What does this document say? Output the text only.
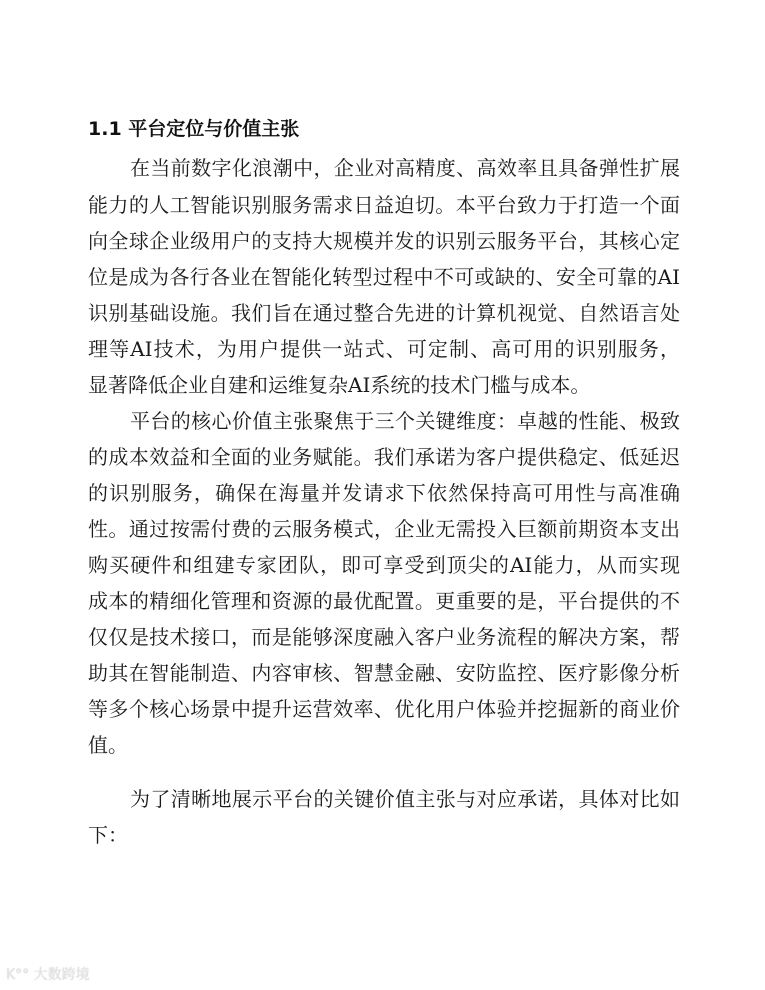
1.1 平台定位与价值主张
在当前数字化浪潮中，企业对高精度、高效率且具备弹性扩展
能力的人工智能识别服务需求日益迫切。本平台致力于打造一个面
向全球企业级用户的支持大规模并发的识别云服务平台，其核心定
位是成为各行各业在智能化转型过程中不可或缺的、安全可靠的AI
识别基础设施。我们旨在通过整合先进的计算机视觉、自然语言处
理等AI技术，为用户提供一站式、可定制、高可用的识别服务，
显著降低企业自建和运维复杂AI系统的技术门槛与成本。
平台的核心价值主张聚焦于三个关键维度：卓越的性能、极致
的成本效益和全面的业务赋能。我们承诺为客户提供稳定、低延迟
的识别服务，确保在海量并发请求下依然保持高可用性与高准确
性。通过按需付费的云服务模式，企业无需投入巨额前期资本支出
购买硬件和组建专家团队，即可享受到顶尖的AI能力，从而实现
成本的精细化管理和资源的最优配置。更重要的是，平台提供的不
仅仅是技术接口，而是能够深度融入客户业务流程的解决方案，帮
助其在智能制造、内容审核、智慧金融、安防监控、医疗影像分析
等多个核心场景中提升运营效率、优化用户体验并挖掘新的商业价
值。
为了清晰地展示平台的关键价值主张与对应承诺，具体对比如
下：
K°° 大数跨境
